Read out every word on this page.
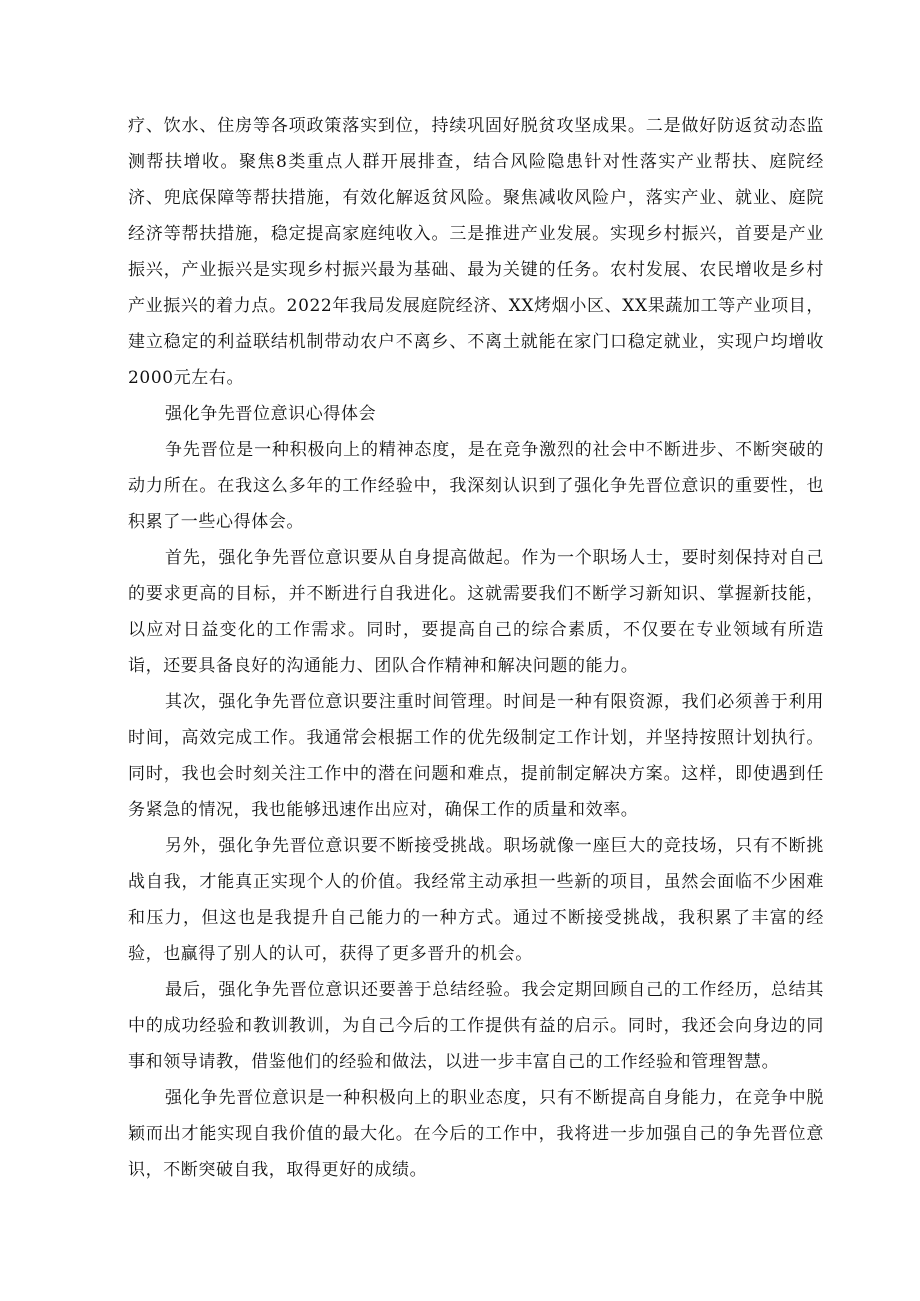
疗、饮水、住房等各项政策落实到位，持续巩固好脱贫攻坚成果。二是做好防返贫动态监测帮扶增收。聚焦8类重点人群开展排查，结合风险隐患针对性落实产业帮扶、庭院经济、兜底保障等帮扶措施，有效化解返贫风险。聚焦减收风险户，落实产业、就业、庭院经济等帮扶措施，稳定提高家庭纯收入。三是推进产业发展。实现乡村振兴，首要是产业振兴，产业振兴是实现乡村振兴最为基础、最为关键的任务。农村发展、农民增收是乡村产业振兴的着力点。2022年我局发展庭院经济、XX烤烟小区、XX果蔬加工等产业项目，建立稳定的利益联结机制带动农户不离乡、不离土就能在家门口稳定就业，实现户均增收2000元左右。

强化争先晋位意识心得体会

争先晋位是一种积极向上的精神态度，是在竞争激烈的社会中不断进步、不断突破的动力所在。在我这么多年的工作经验中，我深刻认识到了强化争先晋位意识的重要性，也积累了一些心得体会。

首先，强化争先晋位意识要从自身提高做起。作为一个职场人士，要时刻保持对自己的要求更高的目标，并不断进行自我进化。这就需要我们不断学习新知识、掌握新技能，以应对日益变化的工作需求。同时，要提高自己的综合素质，不仅要在专业领域有所造诣，还要具备良好的沟通能力、团队合作精神和解决问题的能力。

其次，强化争先晋位意识要注重时间管理。时间是一种有限资源，我们必须善于利用时间，高效完成工作。我通常会根据工作的优先级制定工作计划，并坚持按照计划执行。同时，我也会时刻关注工作中的潜在问题和难点，提前制定解决方案。这样，即使遇到任务紧急的情况，我也能够迅速作出应对，确保工作的质量和效率。

另外，强化争先晋位意识要不断接受挑战。职场就像一座巨大的竞技场，只有不断挑战自我，才能真正实现个人的价值。我经常主动承担一些新的项目，虽然会面临不少困难和压力，但这也是我提升自己能力的一种方式。通过不断接受挑战，我积累了丰富的经验，也赢得了别人的认可，获得了更多晋升的机会。

最后，强化争先晋位意识还要善于总结经验。我会定期回顾自己的工作经历，总结其中的成功经验和教训教训，为自己今后的工作提供有益的启示。同时，我还会向身边的同事和领导请教，借鉴他们的经验和做法，以进一步丰富自己的工作经验和管理智慧。

强化争先晋位意识是一种积极向上的职业态度，只有不断提高自身能力，在竞争中脱颖而出才能实现自我价值的最大化。在今后的工作中，我将进一步加强自己的争先晋位意识，不断突破自我，取得更好的成绩。
